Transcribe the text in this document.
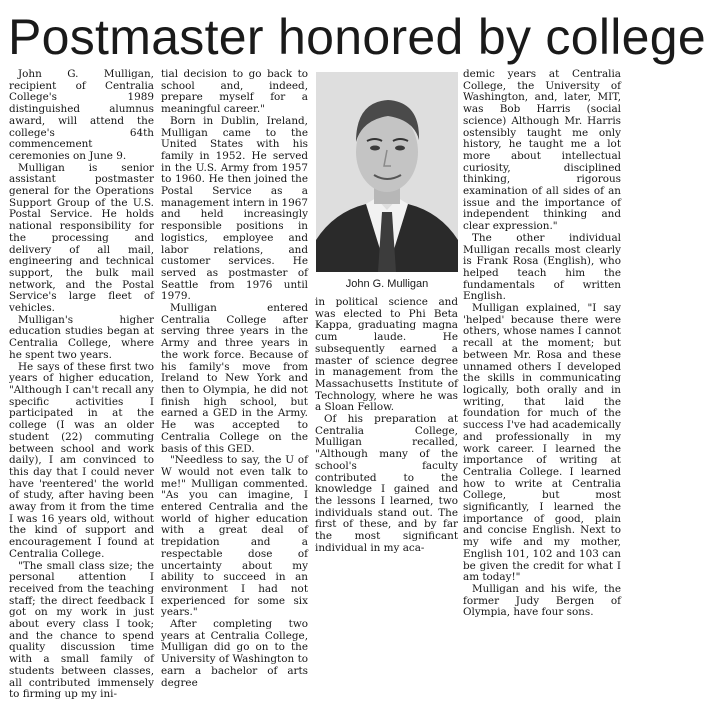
Postmaster honored by college

John G. Mulligan, recipient of Centralia College's 1989 distinguished alumnus award, will attend the college's 64th commencement ceremonies on June 9.

Mulligan is senior assistant postmaster general for the Operations Support Group of the U.S. Postal Service. He holds national responsibility for the processing and delivery of all mail, engineering and technical support, the bulk mail network, and the Postal Service's large fleet of vehicles.

Mulligan's higher education studies began at Centralia College, where he spent two years.

He says of these first two years of higher education, "Although I can't recall any specific activities I participated in at the college (I was an older student (22) commuting between school and work daily), I am convinced to this day that I could never have 'reentered' the world of study, after having been away from it from the time I was 16 years old, without the kind of support and encouragement I found at Centralia College.

"The small class size; the personal attention I received from the teaching staff; the direct feedback I got on my work in just about every class I took; and the chance to spend quality discussion time with a small family of students between classes, all contributed immensely to firming up my ini-

tial decision to go back to school and, indeed, prepare myself for a meaningful career."

Born in Dublin, Ireland, Mulligan came to the United States with his family in 1952. He served in the U.S. Army from 1957 to 1960. He then joined the Postal Service as a management intern in 1967 and held increasingly responsible positions in logistics, employee and labor relations, and customer services. He served as postmaster of Seattle from 1976 until 1979.

Mulligan entered Centralia College after serving three years in the Army and three years in the work force. Because of his family's move from Ireland to New York and then to Olympia, he did not finish high school, but earned a GED in the Army. He was accepted to Centralia College on the basis of this GED.

"Needless to say, the U of W would not even talk to me!" Mulligan commented. "As you can imagine, I entered Centralia and the world of higher education with a great deal of trepidation and a respectable dose of uncertainty about my ability to succeed in an environment I had not experienced for some six years."

After completing two years at Centralia College, Mulligan did go on to the University of Washington to earn a bachelor of arts degree

John G. Mulligan

in political science and was elected to Phi Beta Kappa, graduating magna cum laude. He subsequently earned a master of science degree in management from the Massachusetts Institute of Technology, where he was a Sloan Fellow.

Of his preparation at Centralia College, Mulligan recalled, "Although many of the school's faculty contributed to the knowledge I gained and the lessons I learned, two individuals stand out. The first of these, and by far the most significant individual in my aca-

demic years at Centralia College, the University of Washington, and, later, MIT, was Bob Harris (social science) Although Mr. Harris ostensibly taught me only history, he taught me a lot more about intellectual curiosity, disciplined thinking, rigorous examination of all sides of an issue and the importance of independent thinking and clear expression."

The other individual Mulligan recalls most clearly is Frank Rosa (English), who helped teach him the fundamentals of written English.

Mulligan explained, "I say 'helped' because there were others, whose names I cannot recall at the moment; but between Mr. Rosa and these unnamed others I developed the skills in communicating logically, both orally and in writing, that laid the foundation for much of the success I've had academically and professionally in my work career. I learned the importance of writing at Centralia College. I learned how to write at Centralia College, but most significantly, I learned the importance of good, plain and concise English. Next to my wife and my mother, English 101, 102 and 103 can be given the credit for what I am today!"

Mulligan and his wife, the former Judy Bergen of Olympia, have four sons.
